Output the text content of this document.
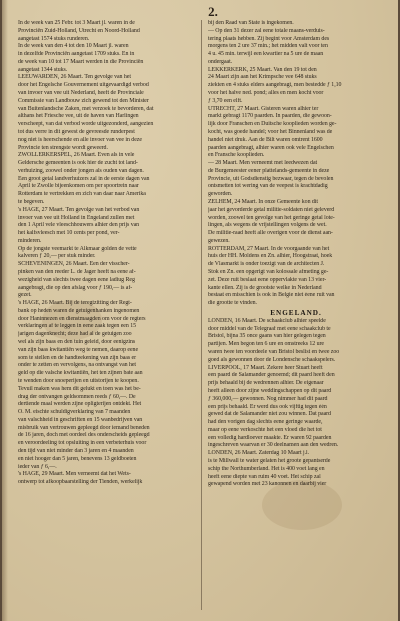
2.
In de week van 25 Febr. tot 3 Maart jl. waren in de
Provinciën Zuid-Holland, Utrecht en Noord-Holland
aangetast 1574 stuks runderen.
In de week van den 4 tot den 10 Maart jl. waren
in dezelfde Provinciën aangetast 1709 stuks. En in
de week van 10 tot 17 Maart werden in die Provinciën
aangetast 1344 stuks.
LEEUWARDEN, 26 Maart. Ten gevolge van het
door het Engelsche Gouvernement uitgevaardigd verbod
van invoer van vee uit Nederland, heeft de Provinciale
Commissie van Landbouw zich gewend tot den Minister
van Buitenlandsche Zaken, met verzoek te bevorderen, dat
althans het Friesche vee, uit de haven van Harlingen
verscheept, van dat verbod worde uitgezonderd, aangezien
tot dus verre in dit gewest de gevreesde runderpest
nog niet is heerschende en alle invoer van vee in deze
Provincie ten strengste wordt geweerd.
ZWOLLERKERSPEL, 26 Maart. Even als in vele
Geldersche gemeenten is ook hier de zucht tot land-
verhuizing, zoowel onder jongen als ouden van dagen.
Een groot getal landverhuizers zal in de eerste dagen van
April te Zwolle bijeenkomen om per spoortrein naar
Rotterdam te vertrekken en zich van daar naar Amerika
te begeven.
's HAGE, 27 Maart. Ten gevolge van het verbod van
invoer van vee uit Holland in Engeland zullen met
den 1 April vele vleeschhouwers alhier den prijs van
het kalfsvleesch met 10 cents per pond, ver-
minderen.
Op de jongste veemarkt te Alkmaar golden de vette
kalveren ƒ 20,— per stuk minder.
SCHEVENINGEN, 26 Maart. Een der visscher-
pinken van den reeder L. de Jager heeft na eene af-
wezigheid van slechts twee dagen eene ladiug Reg
aangebragt, die op den afslag voor ƒ 190,— is af-
gezet.
's HAGE, 26 Maart. Bij de teregtzitting der Regt-
bank op heden waren de getuigenhanken ingenomen
door Haninnezen en dienstmaagden om voor de regters
verklaringen af te leggen in eene zaak tegen een 15
jarigen dagenknecht; deze had al de getuigen zoo
wel als zijn baas en den tuin geleid, door eenigzins
van zijn baas kwitantiën weg te nemen, daarop eene
som te stellen en de handteekening van zijn baas er
onder te zetten en vervolgens, na ontvangst van het
geld op die valsche kwitantiën, het ten zijnen bate aan
te wenden door snoeperijen en uitstorijen te koopen.
Tevuil maken was hem dit gelukt en toen was het be-
drag der ontvangen geldsommen reeds ƒ 60,—. De
dertiende maal werden zijne opligterijen ontdekt. Het
O. M. eischte schuldigverklaring van 7 maanden
van valschheid in geschriften en 15 wanbedrijven van
misbruik van vertrouwen gepleegd door iemand beneden
de 16 jaren, doch met oordeel des onderscheids gepleegd
en veroordeeling tot opsluiting in een verbeterhuis voor
den tijd van niet minder dan 3 jaren en 4 maanden
en niet hooger dan 5 jaren, benevens 13 geldboeten
ieder van ƒ 6,—.
's HAGE, 29 Maart. Men verneemt dat het Wets-
ontwerp tot afkoopbaarstelling der Tienden, werkelijk
bij den Raad van State is ingekomen.
— Op den 31 dezer zal eene totale maans-verduis-
tering plaats hebben. Zij begint voor Amsterdam des
morgens ten 2 ure 37 min.; het midden valt voor ten
4 u. 45 min. terwijl een kwartier na 5 ure de maan
ondergaat.
LEKKERKERK, 25 Maart. Van den 19 tot den
24 Maart zijn aan het Krimpsche vee 648 stuks
ziekten en 4 stuks elders aangebragt, men bestedde ƒ 1,10
voor het halve ned. pond; alles en men kocht voor
ƒ 3,70 een elft.
UTRECHT, 27 Maart. Gisteren waren alhier ter
markt gebragt 1170 paarden. In paarden, die gewoon-
lijk door Franschen en Duitsche kooplieden worden ge-
kocht, was goede handel; voor het Binnenland was de
handel niet druk. Aan de Bilt waren omtrent 1600
paarden aangebragt, alhier waren ook vele Engelschen
en Fransche kooplieden.
— 28 Maart. Men verneemt met leedwezen dat
de Burgemeester eener plattelands-gemeente in deze
Provincie, uit Godsdienstig bezwaar, tegen de bevolen
ontsmetten tot wering van de veepest is krachtdadig
geworden.
ZELHEM, 24 Maart. In onze Gemeente kon dit
jaar het gevorderde getal militie-soldaten niet geleverd
worden, zoowel ten gevolge van het geringe getal lote-
lingen, als wegens de vrijstellingen volgens de wet.
De militie-raad heeft alle overigen voor de dienst aan-
gewezen.
ROTTERDAM, 27 Maart. In de voorgaande van het
huis der HH. Moldens en Zn. alhier, Hoogstraat, hoek
de Vlasmarkt is onder toezigt van de architecten J.
Stok en Zn. een opgerigt van kolossale afmeting ge-
zet. Deze ruit beslaat eene oppervlakte van 13 vier-
kante ellen. Zij is de grootste welke in Nederland
bestaat en misschien is ook in Belgie niet éene ruit van
die grootte te vinden.
ENGELAND.
LONDEN, 16 Maart. De schaakclub alhier speelde
door middel van de Telegraaf met eene schaakclub te
Bristol, bijna 35 once gaans van hier gelegen tegen
partijen. Men begon ten 6 ure en omstreeks 12 ure
waren twee ten voordeele van Bristol beslist en twee zoo
goed als gewonnen door de Londensche schaakspelers.
LIVERPOOL, 17 Maart. Zekere heer Stuart heeft
een paard de Salamander genoemd; dit paard heeft den
prijs behaald bij de wedrennen alhier. De eigenaar
heeft alleen door zijne weddingschappen op dit paard
ƒ 360,000,— gewonnen. Nog nimmer had dit paard
een prijs behaald. Er werd dus ook vijftig tegen één
gewed dat de Salamander niet zou winnen. Dat paard
had den vorigen dag slechts eene geringe waarde,
maar op eene verkoschte het een vloed die het tot
een volledig hardloever maakte. Er waren 92 paarden
ingeschreven waarvan er 30 deelnamen aan den wedren.
LONDEN, 26 Maart. Zaterdag 10 Maart j.l.
is te Millwall te water gelaten het groote gepantserde
schip the Northumberland. Het is 400 voet lang en
heeft eene diepte van ruim 40 voet. Het schip zal
gewapend worden met 23 kanonnen en daarbij vier
